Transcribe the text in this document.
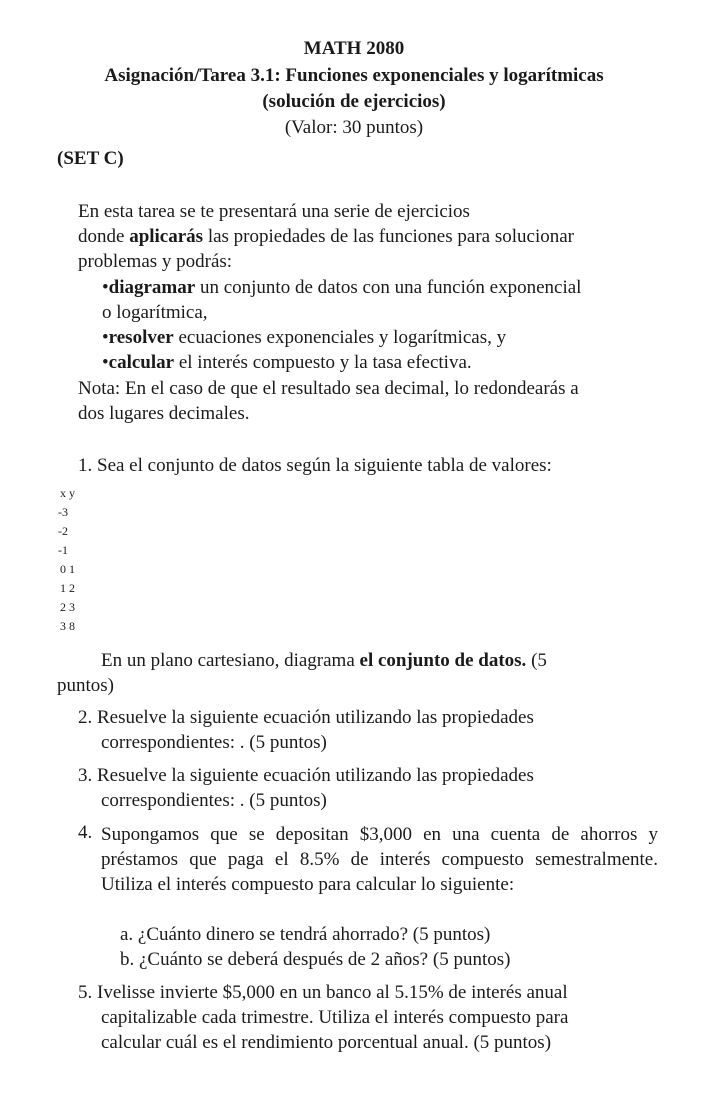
MATH 2080
Asignación/Tarea 3.1: Funciones exponenciales y logarítmicas
(solución de ejercicios)
(Valor: 30 puntos)
(SET C)
En esta tarea se te presentará una serie de ejercicios
donde aplicarás las propiedades de las funciones para solucionar
problemas y podrás:
•diagramar un conjunto de datos con una función exponencial
o logarítmica,
•resolver ecuaciones exponenciales y logarítmicas, y
•calcular el interés compuesto y la tasa efectiva.
Nota: En el caso de que el resultado sea decimal, lo redondearás a
dos lugares decimales.
1. Sea el conjunto de datos según la siguiente tabla de valores:
x y
-3
-2
-1
0 1
1 2
2 3
3 8
En un plano cartesiano, diagrama el conjunto de datos. (5
puntos)
2. Resuelve la siguiente ecuación utilizando las propiedades
correspondientes: . (5 puntos)
3. Resuelve la siguiente ecuación utilizando las propiedades
correspondientes: . (5 puntos)
4. Supongamos que se depositan $3,000 en una cuenta de ahorros y préstamos que paga el 8.5% de interés compuesto semestralmente. Utiliza el interés compuesto para calcular lo siguiente:
a. ¿Cuánto dinero se tendrá ahorrado? (5 puntos)
b. ¿Cuánto se deberá después de 2 años? (5 puntos)
5. Ivelisse invierte $5,000 en un banco al 5.15% de interés anual
capitalizable cada trimestre. Utiliza el interés compuesto para
calcular cuál es el rendimiento porcentual anual. (5 puntos)
